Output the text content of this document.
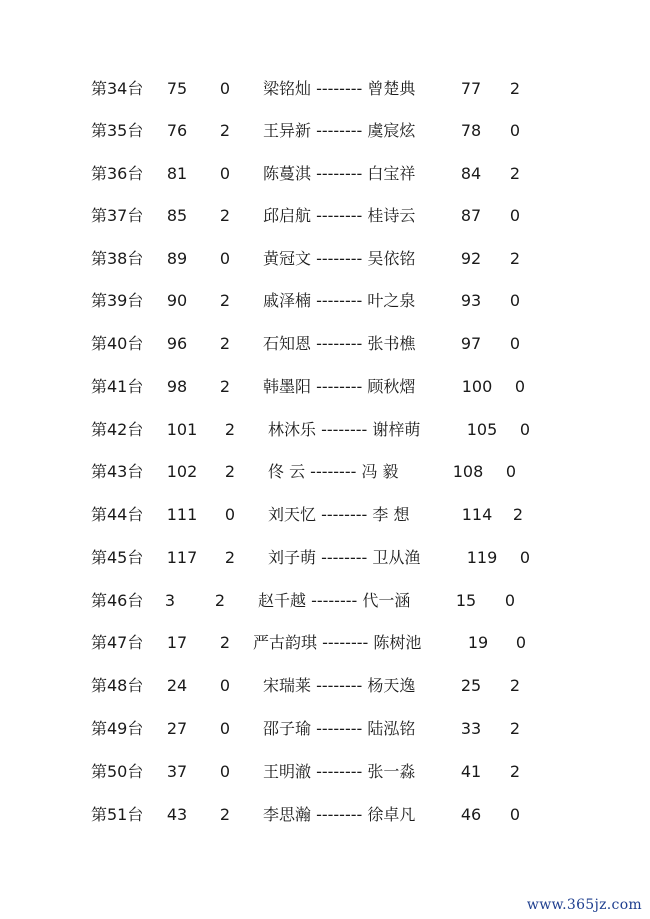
第34台	75	0	梁铭灿 -------- 曾楚典	77	2
第35台	76	2	王异新 -------- 虞宸炫	78	0
第36台	81	0	陈蔓淇 -------- 白宝祥	84	2
第37台	85	2	邱启航 -------- 桂诗云	87	0
第38台	89	0	黄冠文 -------- 吴依铭	92	2
第39台	90	2	戚泽楠 -------- 叶之泉	93	0
第40台	96	2	石知恩 -------- 张书樵	97	0
第41台	98	2	韩墨阳 -------- 顾秋熠	100	0
第42台 101	2	林沐乐 -------- 谢梓萌	105	0
第43台 102	2	佟 云 -------- 冯 毅	108	0
第44台 111	0	刘天忆 -------- 李 想	114	2
第45台 117	2	刘子萌 -------- 卫从渔	119	0
第46台	3	2	赵千越 -------- 代一涵	15	0
第47台	17	2	严古韵琪 -------- 陈树池	19	0
第48台	24	0	宋瑞莱 -------- 杨天逸	25	2
第49台	27	0	邵子瑜 -------- 陆泓铭	33	2
第50台	37	0	王明澈 -------- 张一淼	41	2
第51台	43	2	李思瀚 -------- 徐卓凡	46	0
www.365jz.com
